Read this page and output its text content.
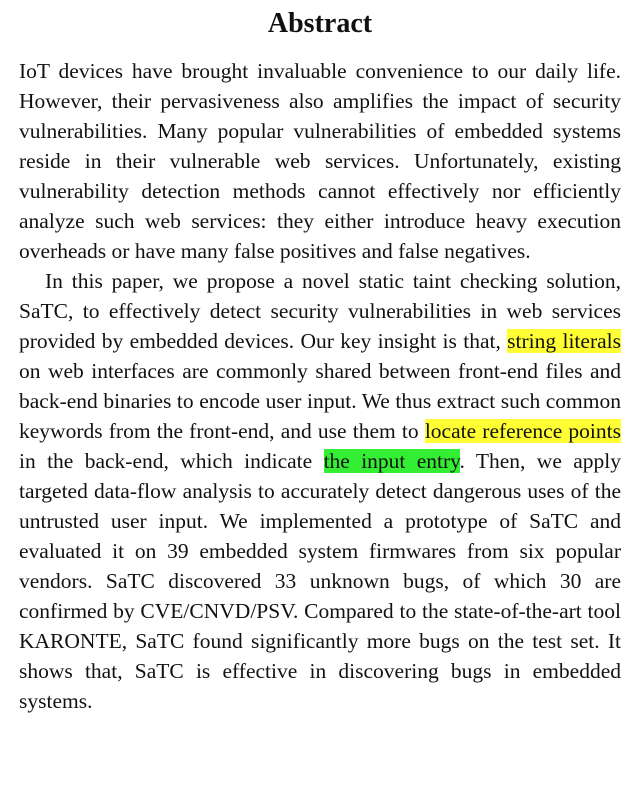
Abstract

IoT devices have brought invaluable convenience to our daily life. However, their pervasiveness also amplifies the impact of security vulnerabilities. Many popular vulnerabilities of embedded systems reside in their vulnerable web services. Unfortunately, existing vulnerability detection methods cannot effectively nor efficiently analyze such web services: they either introduce heavy execution overheads or have many false positives and false negatives.

In this paper, we propose a novel static taint checking solution, SaTC, to effectively detect security vulnerabilities in web services provided by embedded devices. Our key insight is that, string literals on web interfaces are commonly shared between front-end files and back-end binaries to encode user input. We thus extract such common keywords from the front-end, and use them to locate reference points in the back-end, which indicate the input entry. Then, we apply targeted data-flow analysis to accurately detect dangerous uses of the untrusted user input. We implemented a prototype of SaTC and evaluated it on 39 embedded system firmwares from six popular vendors. SaTC discovered 33 unknown bugs, of which 30 are confirmed by CVE/CNVD/PSV. Compared to the state-of-the-art tool KARONTE, SaTC found significantly more bugs on the test set. It shows that, SaTC is effective in discovering bugs in embedded systems.
